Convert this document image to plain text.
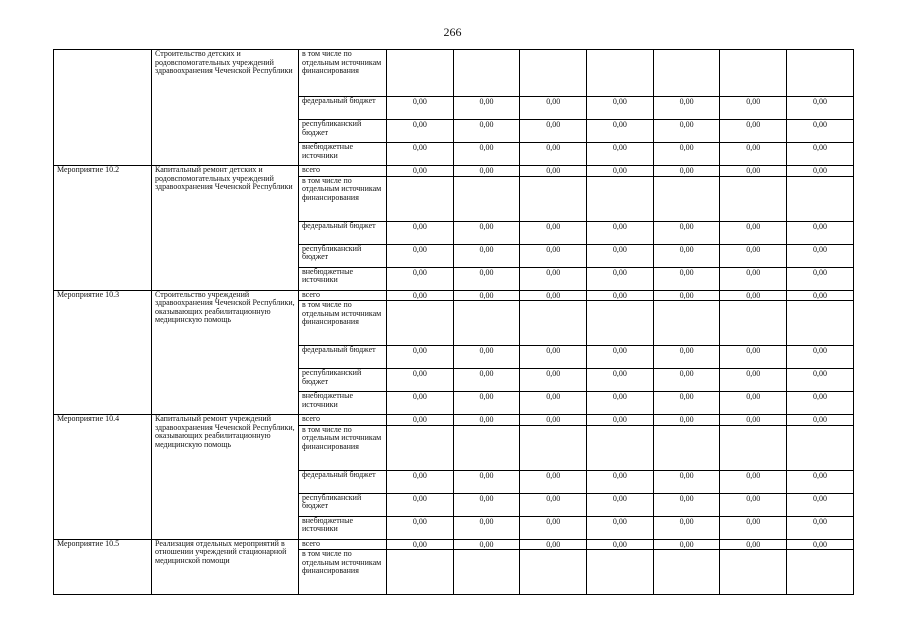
266
	Строительство детских и родовспомогательных учреждений здравоохранения Чеченской Республики	в том числе по отдельным источникам финансирования							
		федеральный бюджет	0,00	0,00	0,00	0,00	0,00	0,00	0,00
		республиканский бюджет	0,00	0,00	0,00	0,00	0,00	0,00	0,00
		внебюджетные источники	0,00	0,00	0,00	0,00	0,00	0,00	0,00
Мероприятие 10.2	Капитальный ремонт детских и родовспомогательных учреждений здравоохранения Чеченской Республики	всего	0,00	0,00	0,00	0,00	0,00	0,00	0,00
		в том числе по отдельным источникам финансирования							
		федеральный бюджет	0,00	0,00	0,00	0,00	0,00	0,00	0,00
		республиканский бюджет	0,00	0,00	0,00	0,00	0,00	0,00	0,00
		внебюджетные источники	0,00	0,00	0,00	0,00	0,00	0,00	0,00
Мероприятие 10.3	Строительство учреждений здравоохранения Чеченской Республики, оказывающих реабилитационную медицинскую помощь	всего	0,00	0,00	0,00	0,00	0,00	0,00	0,00
		в том числе по отдельным источникам финансирования							
		федеральный бюджет	0,00	0,00	0,00	0,00	0,00	0,00	0,00
		республиканский бюджет	0,00	0,00	0,00	0,00	0,00	0,00	0,00
		внебюджетные источники	0,00	0,00	0,00	0,00	0,00	0,00	0,00
Мероприятие 10.4	Капитальный ремонт учреждений здравоохранения Чеченской Республики, оказывающих реабилитационную медицинскую помощь	всего	0,00	0,00	0,00	0,00	0,00	0,00	0,00
		в том числе по отдельным источникам финансирования							
		федеральный бюджет	0,00	0,00	0,00	0,00	0,00	0,00	0,00
		республиканский бюджет	0,00	0,00	0,00	0,00	0,00	0,00	0,00
		внебюджетные источники	0,00	0,00	0,00	0,00	0,00	0,00	0,00
Мероприятие 10.5	Реализация отдельных мероприятий в отношении учреждений стационарной медицинской помощи	всего	0,00	0,00	0,00	0,00	0,00	0,00	0,00
		в том числе по отдельным источникам финансирования							
